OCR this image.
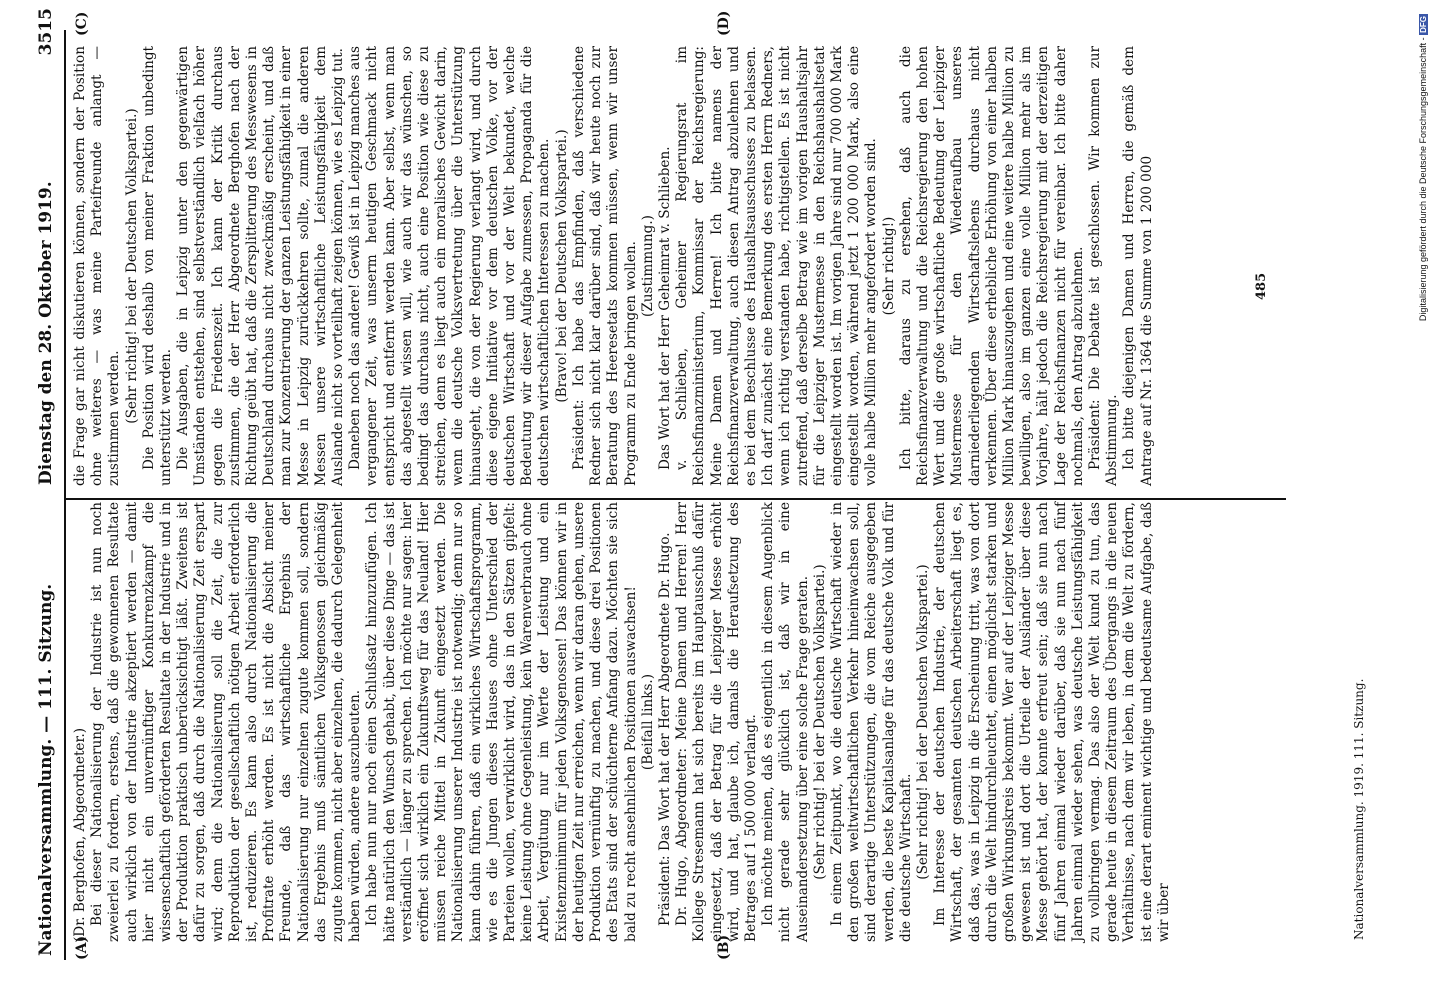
Nationalversammlung. — 111. Sitzung.
Dienstag den 28. Oktober 1919. 3515
(A)	(B)
(C)	(D)

(Dr. Berghofen, Abgeordneter.) Bei dieser Nationalisierung der Industrie ist nun noch zweierlei zu fordern, erstens, daß die gewonnenen Resultate auch wirklich von der Industrie akzeptiert werden — damit hier nicht ein unvernünftiger Konkurrenzkampf die wissenschaftlich geförderten Resultate in der Industrie und in der Produktion praktisch unberücksichtigt läßt. Zweitens ist dafür zu sorgen, daß durch die Nationalisierung Zeit erspart wird; denn die Nationalisierung soll die Zeit, die zur Reproduktion der gesellschaftlich nötigen Arbeit erforderlich ist, reduzieren. Es kann also durch Nationalisierung die Profitrate erhöht werden. Es ist nicht die Absicht meiner Freunde, daß das wirtschaftliche Ergebnis der Nationalisierung nur einzelnen zugute kommen soll, sondern das Ergebnis muß sämtlichen Volksgenossen gleichmäßig zugute kommen, nicht aber einzelnen, die dadurch Gelegenheit haben würden, andere auszubeuten. Ich habe nun nur noch einen Schlußsatz hinzuzufügen. Ich hätte natürlich den Wunsch gehabt, über diese Dinge — das ist verständlich — länger zu sprechen. Ich möchte nur sagen: hier eröffnet sich wirklich ein Zukunftsweg für das Neuland! Hier müssen reiche Mittel in Zukunft eingesetzt werden. Die Nationalisierung unserer Industrie ist notwendig; denn nur so kann dahin führen, daß ein wirkliches Wirtschaftsprogramm, wie es die Jungen dieses Hauses ohne Unterschied der Parteien wollen, verwirklicht wird, das in den Sätzen gipfelt: keine Leistung ohne Gegenleistung, kein Warenverbrauch ohne Arbeit, Vergütung nur im Werte der Leistung und ein Existenzminimum für jeden Volksgenossen! Das können wir in der heutigen Zeit nur erreichen, wenn wir daran gehen, unsere Produktion vernünftig zu machen, und diese drei Positionen des Etats sind der schüchterne Anfang dazu. Möchten sie sich bald zu recht ansehnlichen Positionen auswachsen! (Beifall links.) Präsident: Das Wort hat der Herr Abgeordnete Dr. Hugo. Dr. Hugo, Abgeordneter: Meine Damen und Herren! Herr Kollege Stresemann hat sich bereits im Hauptausschuß dafür eingesetzt, daß der Betrag für die Leipziger Messe erhöht wird, und hat, glaube ich, damals die Heraufsetzung des Betrages auf 1 500 000 verlangt. Ich möchte meinen, daß es eigentlich in diesem Augenblick nicht gerade sehr glücklich ist, daß wir in eine Auseinandersetzung über eine solche Frage geraten. (Sehr richtig! bei der Deutschen Volkspartei.) In einem Zeitpunkt, wo die deutsche Wirtschaft wieder in den großen weltwirtschaftlichen Verkehr hineinwachsen soll, sind derartige Unterstützungen, die vom Reiche ausgegeben werden, die beste Kapitalsanlage für das deutsche Volk und für die deutsche Wirtschaft. (Sehr richtig! bei der Deutschen Volkspartei.) Im Interesse der deutschen Industrie, der deutschen Wirtschaft, der gesamten deutschen Arbeiterschaft liegt es, daß das, was in Leipzig in die Erscheinung tritt, was von dort durch die Welt hindurchleuchtet, einen möglichst starken und großen Wirkungskreis bekommt. Wer auf der Leipziger Messe gewesen ist und dort die Urteile der Ausländer über diese Messe gehört hat, der konnte erfreut sein; daß sie nun nach fünf Jahren einmal wieder darüber, daß sie nun nach fünf Jahren einmal wieder sehen, was deutsche Leistungsfähigkeit zu vollbringen vermag. Das also der Welt kund zu tun, das gerade heute in diesem Zeitraum des Übergangs in die neuen Verhältnisse, nach dem wir leben, in dem die Welt zu fördern, ist eine derart eminent wichtige und bedeutsame Aufgabe, daß wir über

die Frage gar nicht diskutieren können, sondern der Position ohne weiteres — was meine Parteifreunde anlangt — zustimmen werden. (Sehr richtig! bei der Deutschen Volkspartei.) Die Position wird deshalb von meiner Fraktion unbedingt unterstützt werden. Die Ausgaben, die in Leipzig unter den gegenwärtigen Umständen entstehen, sind selbstverständlich vielfach höher gegen die Friedenszeit. Ich kann der Kritik durchaus zustimmen, die der Herr Abgeordnete Berghofen nach der Richtung geübt hat, daß die Zersplitterung des Messwesens in Deutschland durchaus nicht zweckmäßig erscheint, und daß man zur Konzentrierung der ganzen Leistungsfähigkeit in einer Messe in Leipzig zurückkehren sollte, zumal die anderen Messen unsere wirtschaftliche Leistungsfähigkeit dem Auslande nicht so vorteilhaft zeigen können, wie es Leipzig tut. Daneben noch das andere! Gewiß ist in Leipzig manches aus vergangener Zeit, was unserm heutigen Geschmack nicht entspricht und entfernt werden kann. Aber selbst, wenn man das abgestellt wissen will, wie auch wir das wünschen, so bedingt das durchaus nicht, auch eine Position wie diese zu streichen, denn es liegt auch ein moralisches Gewicht darin, wenn die deutsche Volksvertretung über die Unterstützung hinausgeht, die von der Regierung verlangt wird, und durch diese eigene Initiative vor dem deutschen Volke, vor der deutschen Wirtschaft und vor der Welt bekundet, welche Bedeutung wir dieser Aufgabe zumessen, Propaganda für die deutschen wirtschaftlichen Interessen zu machen. (Bravo! bei der Deutschen Volkspartei.) Präsident: Ich habe das Empfinden, daß verschiedene Redner sich nicht klar darüber sind, daß wir heute noch zur Beratung des Heeresetats kommen müssen, wenn wir unser Programm zu Ende bringen wollen. (Zustimmung.) Das Wort hat der Herr Geheimrat v. Schlieben. v. Schlieben, Geheimer Regierungsrat im Reichsfinanzministerium, Kommissar der Reichsregierung: Meine Damen und Herren! Ich bitte namens der Reichsfinanzverwaltung, auch diesen Antrag abzulehnen und es bei dem Beschlusse des Haushaltsausschusses zu belassen. Ich darf zunächst eine Bemerkung des ersten Herrn Redners, wenn ich richtig verstanden habe, richtigstellen. Es ist nicht zutreffend, daß derselbe Betrag wie im vorigen Haushaltsjahr für die Leipziger Mustermesse in den Reichshaushaltsetat eingestellt worden ist. Im vorigen Jahre sind nur 700 000 Mark eingestellt worden, während jetzt 1 200 000 Mark, also eine volle halbe Million mehr angefordert worden sind. (Sehr richtig!) Ich bitte, daraus zu ersehen, daß auch die Reichsfinanzverwaltung und die Reichsregierung den hohen Wert und die große wirtschaftliche Bedeutung der Leipziger Mustermesse für den Wiederaufbau unseres darniederliegenden Wirtschaftslebens durchaus nicht verkennen. Über diese erhebliche Erhöhung von einer halben Million Mark hinauszugehen und eine weitere halbe Million zu bewilligen, also im ganzen eine volle Million mehr als im Vorjahre, hält jedoch die Reichsregierung mit der derzeitigen Lage der Reichsfinanzen nicht für vereinbar. Ich bitte daher nochmals, den Antrag abzulehnen. Präsident: Die Debatte ist geschlossen. Wir kommen zur Abstimmung. Ich bitte diejenigen Damen und Herren, die gemäß dem Antrage auf Nr. 1364 die Summe von 1 200 000	485
Nationalversammlung. 1919. 111. Sitzung.
Digitalisierung gefördert durch die Deutsche Forschungsgemeinschaft - DFG
